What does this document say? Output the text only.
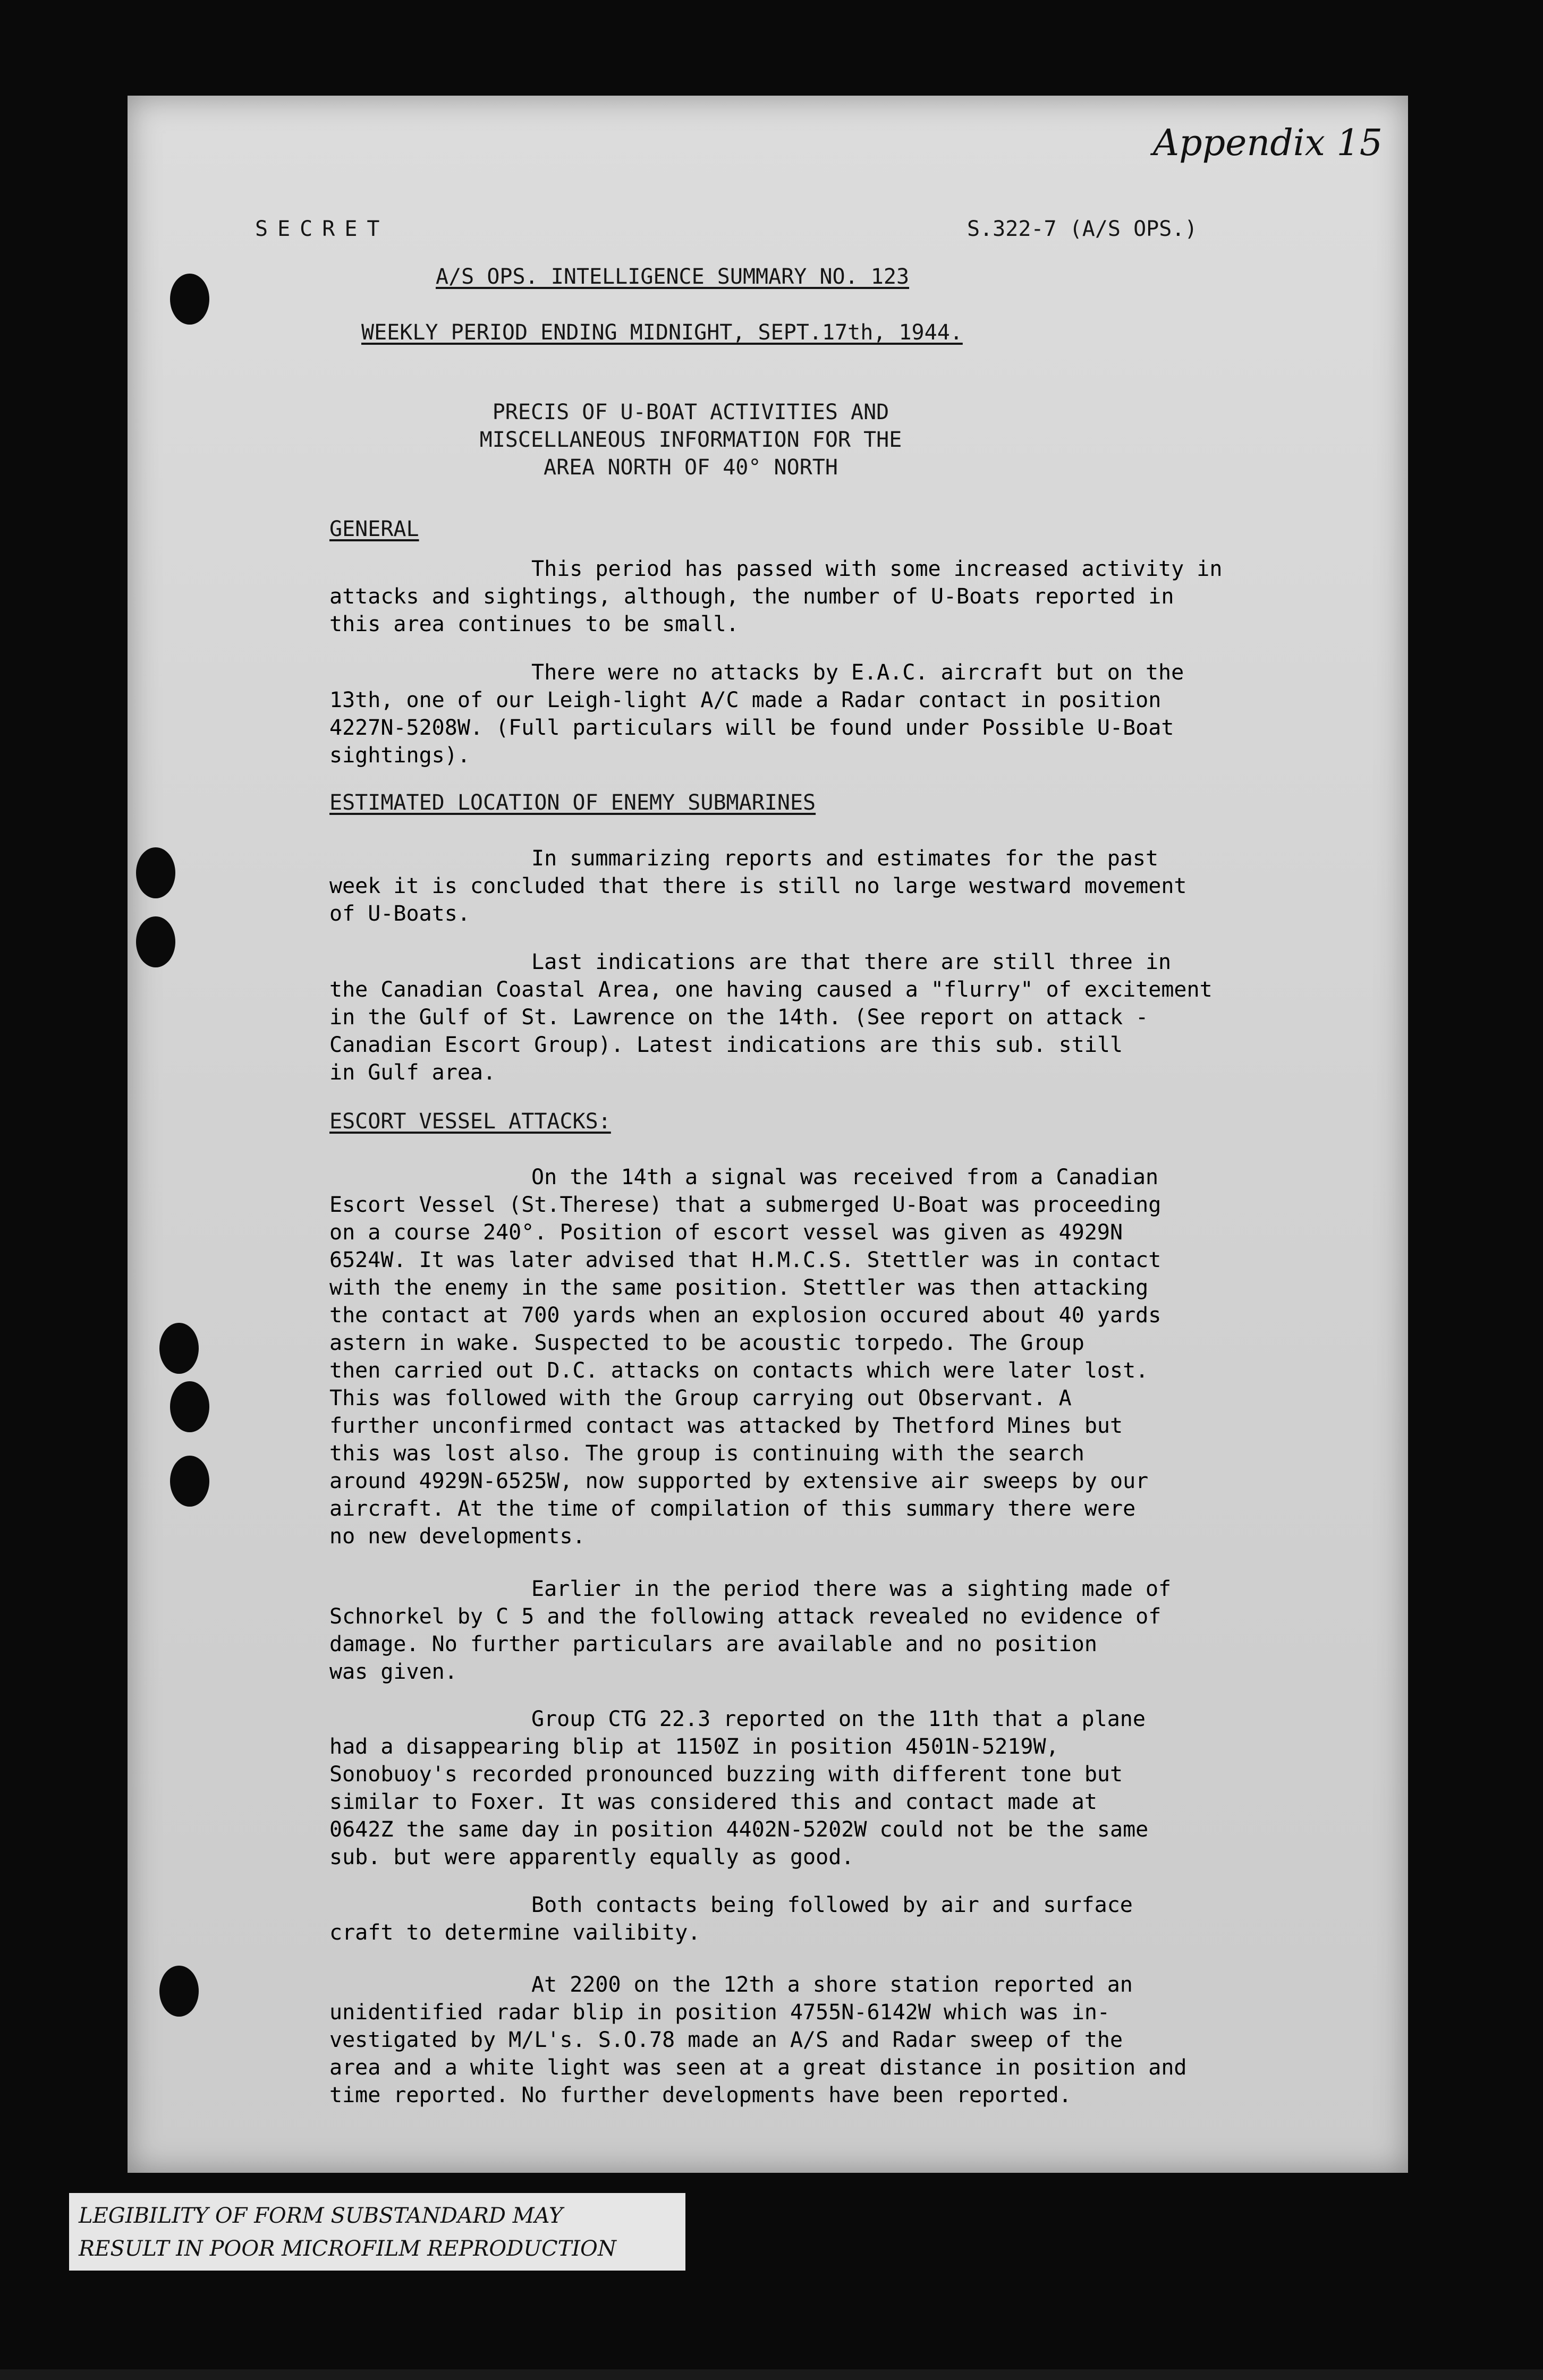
Appendix 15
SECRET	S.322-7 (A/S OPS.)
A/S OPS. INTELLIGENCE SUMMARY NO. 123
WEEKLY PERIOD ENDING MIDNIGHT, SEPT.17th, 1944.
PRECIS OF U-BOAT ACTIVITIES AND
MISCELLANEOUS INFORMATION FOR THE
AREA NORTH OF 40° NORTH
GENERAL
This period has passed with some increased activity in
attacks and sightings, although, the number of U-Boats reported in
this area continues to be small.
There were no attacks by E.A.C. aircraft but on the
13th, one of our Leigh-light A/C made a Radar contact in position
4227N-5208W. (Full particulars will be found under Possible U-Boat
sightings).
ESTIMATED LOCATION OF ENEMY SUBMARINES
In summarizing reports and estimates for the past
week it is concluded that there is still no large westward movement
of U-Boats.
Last indications are that there are still three in
the Canadian Coastal Area, one having caused a "flurry" of excitement
in the Gulf of St. Lawrence on the 14th. (See report on attack -
Canadian Escort Group). Latest indications are this sub. still
in Gulf area.
ESCORT VESSEL ATTACKS:
On the 14th a signal was received from a Canadian
Escort Vessel (St.Therese) that a submerged U-Boat was proceeding
on a course 240°. Position of escort vessel was given as 4929N
6524W. It was later advised that H.M.C.S. Stettler was in contact
with the enemy in the same position. Stettler was then attacking
the contact at 700 yards when an explosion occured about 40 yards
astern in wake. Suspected to be acoustic torpedo. The Group
then carried out D.C. attacks on contacts which were later lost.
This was followed with the Group carrying out Observant. A
further unconfirmed contact was attacked by Thetford Mines but
this was lost also. The group is continuing with the search
around 4929N-6525W, now supported by extensive air sweeps by our
aircraft. At the time of compilation of this summary there were
no new developments.
Earlier in the period there was a sighting made of
Schnorkel by C 5 and the following attack revealed no evidence of
damage. No further particulars are available and no position
was given.
Group CTG 22.3 reported on the 11th that a plane
had a disappearing blip at 1150Z in position 4501N-5219W,
Sonobuoy's recorded pronounced buzzing with different tone but
similar to Foxer. It was considered this and contact made at
0642Z the same day in position 4402N-5202W could not be the same
sub. but were apparently equally as good.
Both contacts being followed by air and surface
craft to determine vailibity.
At 2200 on the 12th a shore station reported an
unidentified radar blip in position 4755N-6142W which was in-
vestigated by M/L's. S.O.78 made an A/S and Radar sweep of the
area and a white light was seen at a great distance in position and
time reported. No further developments have been reported.
LEGIBILITY OF FORM SUBSTANDARD MAY
RESULT IN POOR MICROFILM REPRODUCTION
